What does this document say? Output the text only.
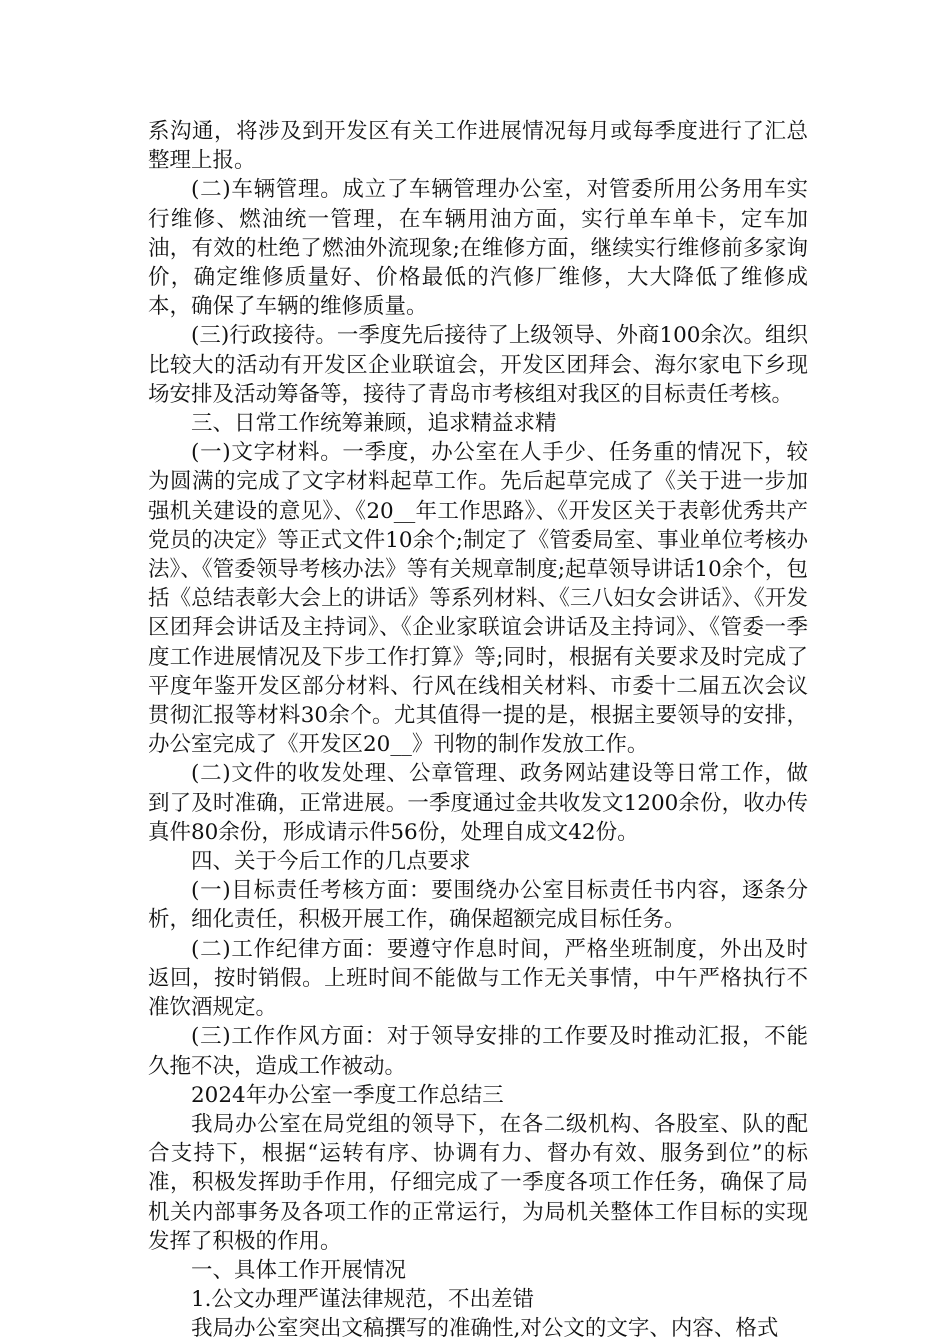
系沟通，将涉及到开发区有关工作进展情况每月或每季度进行了汇总整理上报。

(二)车辆管理。成立了车辆管理办公室，对管委所用公务用车实行维修、燃油统一管理，在车辆用油方面，实行单车单卡，定车加油，有效的杜绝了燃油外流现象;在维修方面，继续实行维修前多家询价，确定维修质量好、价格最低的汽修厂维修，大大降低了维修成本，确保了车辆的维修质量。

(三)行政接待。一季度先后接待了上级领导、外商100余次。组织比较大的活动有开发区企业联谊会，开发区团拜会、海尔家电下乡现场安排及活动筹备等，接待了青岛市考核组对我区的目标责任考核。

三、日常工作统筹兼顾，追求精益求精

(一)文字材料。一季度，办公室在人手少、任务重的情况下，较为圆满的完成了文字材料起草工作。先后起草完成了《关于进一步加强机关建设的意见》、《20__年工作思路》、《开发区关于表彰优秀共产党员的决定》等正式文件10余个;制定了《管委局室、事业单位考核办法》、《管委领导考核办法》等有关规章制度;起草领导讲话10余个，包括《总结表彰大会上的讲话》等系列材料、《三八妇女会讲话》、《开发区团拜会讲话及主持词》、《企业家联谊会讲话及主持词》、《管委一季度工作进展情况及下步工作打算》等;同时，根据有关要求及时完成了平度年鉴开发区部分材料、行风在线相关材料、市委十二届五次会议贯彻汇报等材料30余个。尤其值得一提的是，根据主要领导的安排，办公室完成了《开发区20__》刊物的制作发放工作。

(二)文件的收发处理、公章管理、政务网站建设等日常工作，做到了及时准确，正常进展。一季度通过金共收发文1200余份，收办传真件80余份，形成请示件56份，处理自成文42份。

四、关于今后工作的几点要求

(一)目标责任考核方面：要围绕办公室目标责任书内容，逐条分析，细化责任，积极开展工作，确保超额完成目标任务。

(二)工作纪律方面：要遵守作息时间，严格坐班制度，外出及时返回，按时销假。上班时间不能做与工作无关事情，中午严格执行不准饮酒规定。

(三)工作作风方面：对于领导安排的工作要及时推动汇报，不能久拖不决，造成工作被动。

2024年办公室一季度工作总结三

我局办公室在局党组的领导下，在各二级机构、各股室、队的配合支持下，根据“运转有序、协调有力、督办有效、服务到位”的标准，积极发挥助手作用，仔细完成了一季度各项工作任务，确保了局机关内部事务及各项工作的正常运行，为局机关整体工作目标的实现发挥了积极的作用。

一、具体工作开展情况

1.公文办理严谨法律规范，不出差错

我局办公室突出文稿撰写的准确性,对公文的文字、内容、格式
